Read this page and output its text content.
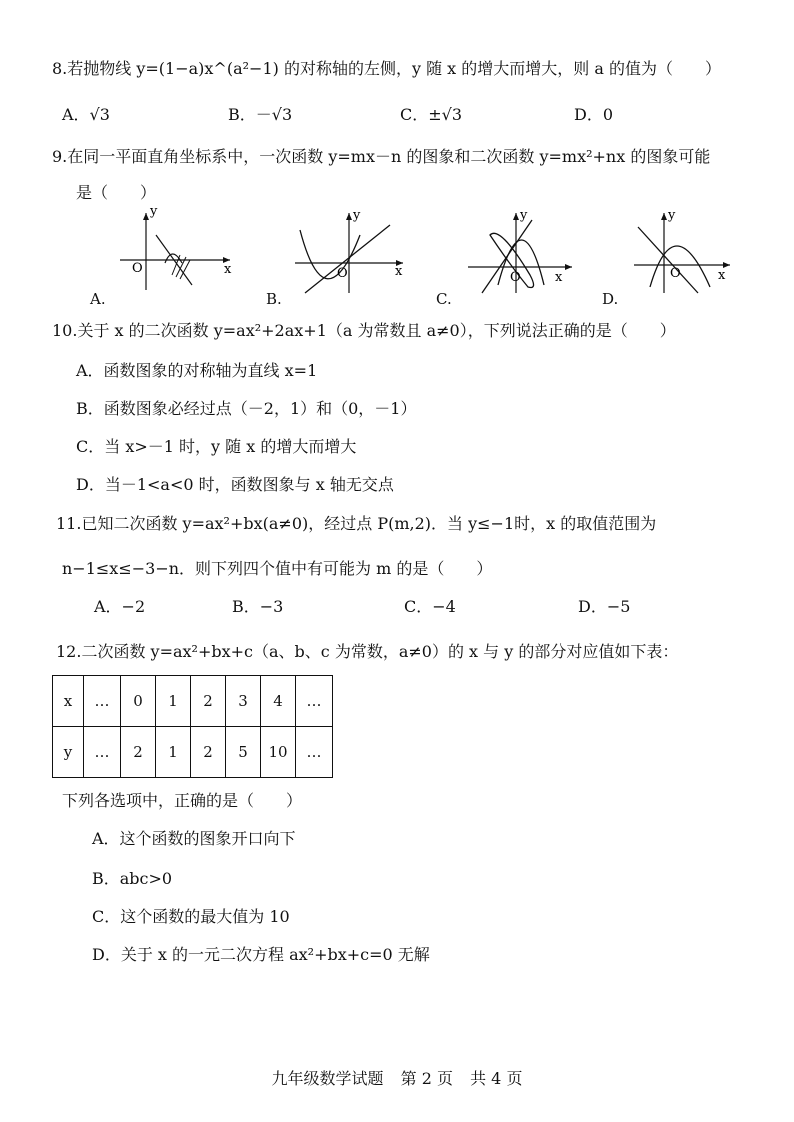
8.若抛物线 y=(1−a)x^(a²−1) 的对称轴的左侧，y 随 x 的增大而增大，则 a 的值为（　　）
A．√3	B．－√3	C．±√3	D．0
9.在同一平面直角坐标系中，一次函数 y=mx－n 的图象和二次函数 y=mx²+nx 的图象可能
是（　　）
y
x
O
A.
y
x
O
B.
y
x
O
C.
y
x
O
D.
10.关于 x 的二次函数 y=ax²+2ax+1（a 为常数且 a≠0），下列说法正确的是（　　）
A．函数图象的对称轴为直线 x=1
B．函数图象必经过点（－2，1）和（0，－1）
C．当 x>－1 时，y 随 x 的增大而增大
D．当－1<a<0 时，函数图象与 x 轴无交点
11.已知二次函数 y=ax²+bx(a≠0)，经过点 P(m,2)．当 y≤−1时，x 的取值范围为
n−1≤x≤−3−n．则下列四个值中有可能为 m 的是（　　）
A．−2	B．−3	C．−4	D．−5
12.二次函数 y=ax²+bx+c（a、b、c 为常数，a≠0）的 x 与 y 的部分对应值如下表：
x	…	0	1	2	3	4	…
y	…	2	1	2	5	10	…
下列各选项中，正确的是（　　）
A．这个函数的图象开口向下
B．abc>0
C．这个函数的最大值为 10
D．关于 x 的一元二次方程 ax²+bx+c=0 无解
九年级数学试题 第 2 页 共 4 页
